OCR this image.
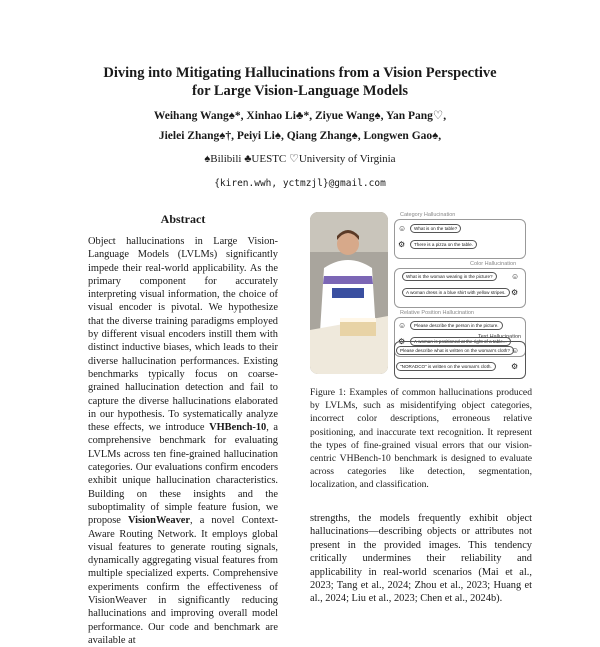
Diving into Mitigating Hallucinations from a Vision Perspective
for Large Vision-Language Models
Weihang Wang♠*, Xinhao Li♣*, Ziyue Wang♠, Yan Pang♡,
Jielei Zhang♠†, Peiyi Li♠, Qiang Zhang♠, Longwen Gao♠,
♠Bilibili ♣UESTC ♡University of Virginia
{kiren.wwh, yctmzjl}@gmail.com
Abstract
Object hallucinations in Large Vision-Language Models (LVLMs) significantly impede their real-world applicability. As the primary component for accurately interpreting visual information, the choice of visual encoder is pivotal. We hypothesize that the diverse training paradigms employed by different visual encoders instill them with distinct inductive biases, which leads to their diverse hallucination performances. Existing benchmarks typically focus on coarse-grained hallucination detection and fail to capture the diverse hallucinations elaborated in our hypothesis. To systematically analyze these effects, we introduce VHBench-10, a comprehensive benchmark for evaluating LVLMs across ten fine-grained hallucination categories. Our evaluations confirm encoders exhibit unique hallucination characteristics. Building on these insights and the suboptimality of simple feature fusion, we propose VisionWeaver, a novel Context-Aware Routing Network. It employs global visual features to generate routing signals, dynamically aggregating visual features from multiple specialized experts. Comprehensive experiments confirm the effectiveness of VisionWeaver in significantly reducing hallucinations and improving overall model performance. Our code and benchmark are available at
Category Hallucination
What is on the table?
☺
There is a pizza on the table.
⚙
Color Hallucination
What is the woman wearing in the picture?	☺
A woman dress in a blue shirt with yellow stripes. ⚙
Relative Position Hallucination
Please describe the person in the picture.
☺
A woman is positioned at the right of a table...
⚙	Text Hallucination
Please describe what is written on the woman's cloth? ☺
"NORADCO" is written on the woman's cloth.	⚙
Figure 1: Examples of common hallucinations produced by LVLMs, such as misidentifying object categories, incorrect color descriptions, erroneous relative positioning, and inaccurate text recognition. It represent the types of fine-grained visual errors that our vision-centric VHBench-10 benchmark is designed to evaluate across categories like detection, segmentation, localization, and classification.
strengths, the models frequently exhibit object hallucinations—describing objects or attributes not present in the provided images. This tendency critically undermines their reliability and applicability in real-world scenarios (Mai et al., 2023; Tang et al., 2024; Zhou et al., 2023; Huang et al., 2024; Liu et al., 2023; Chen et al., 2024b).
